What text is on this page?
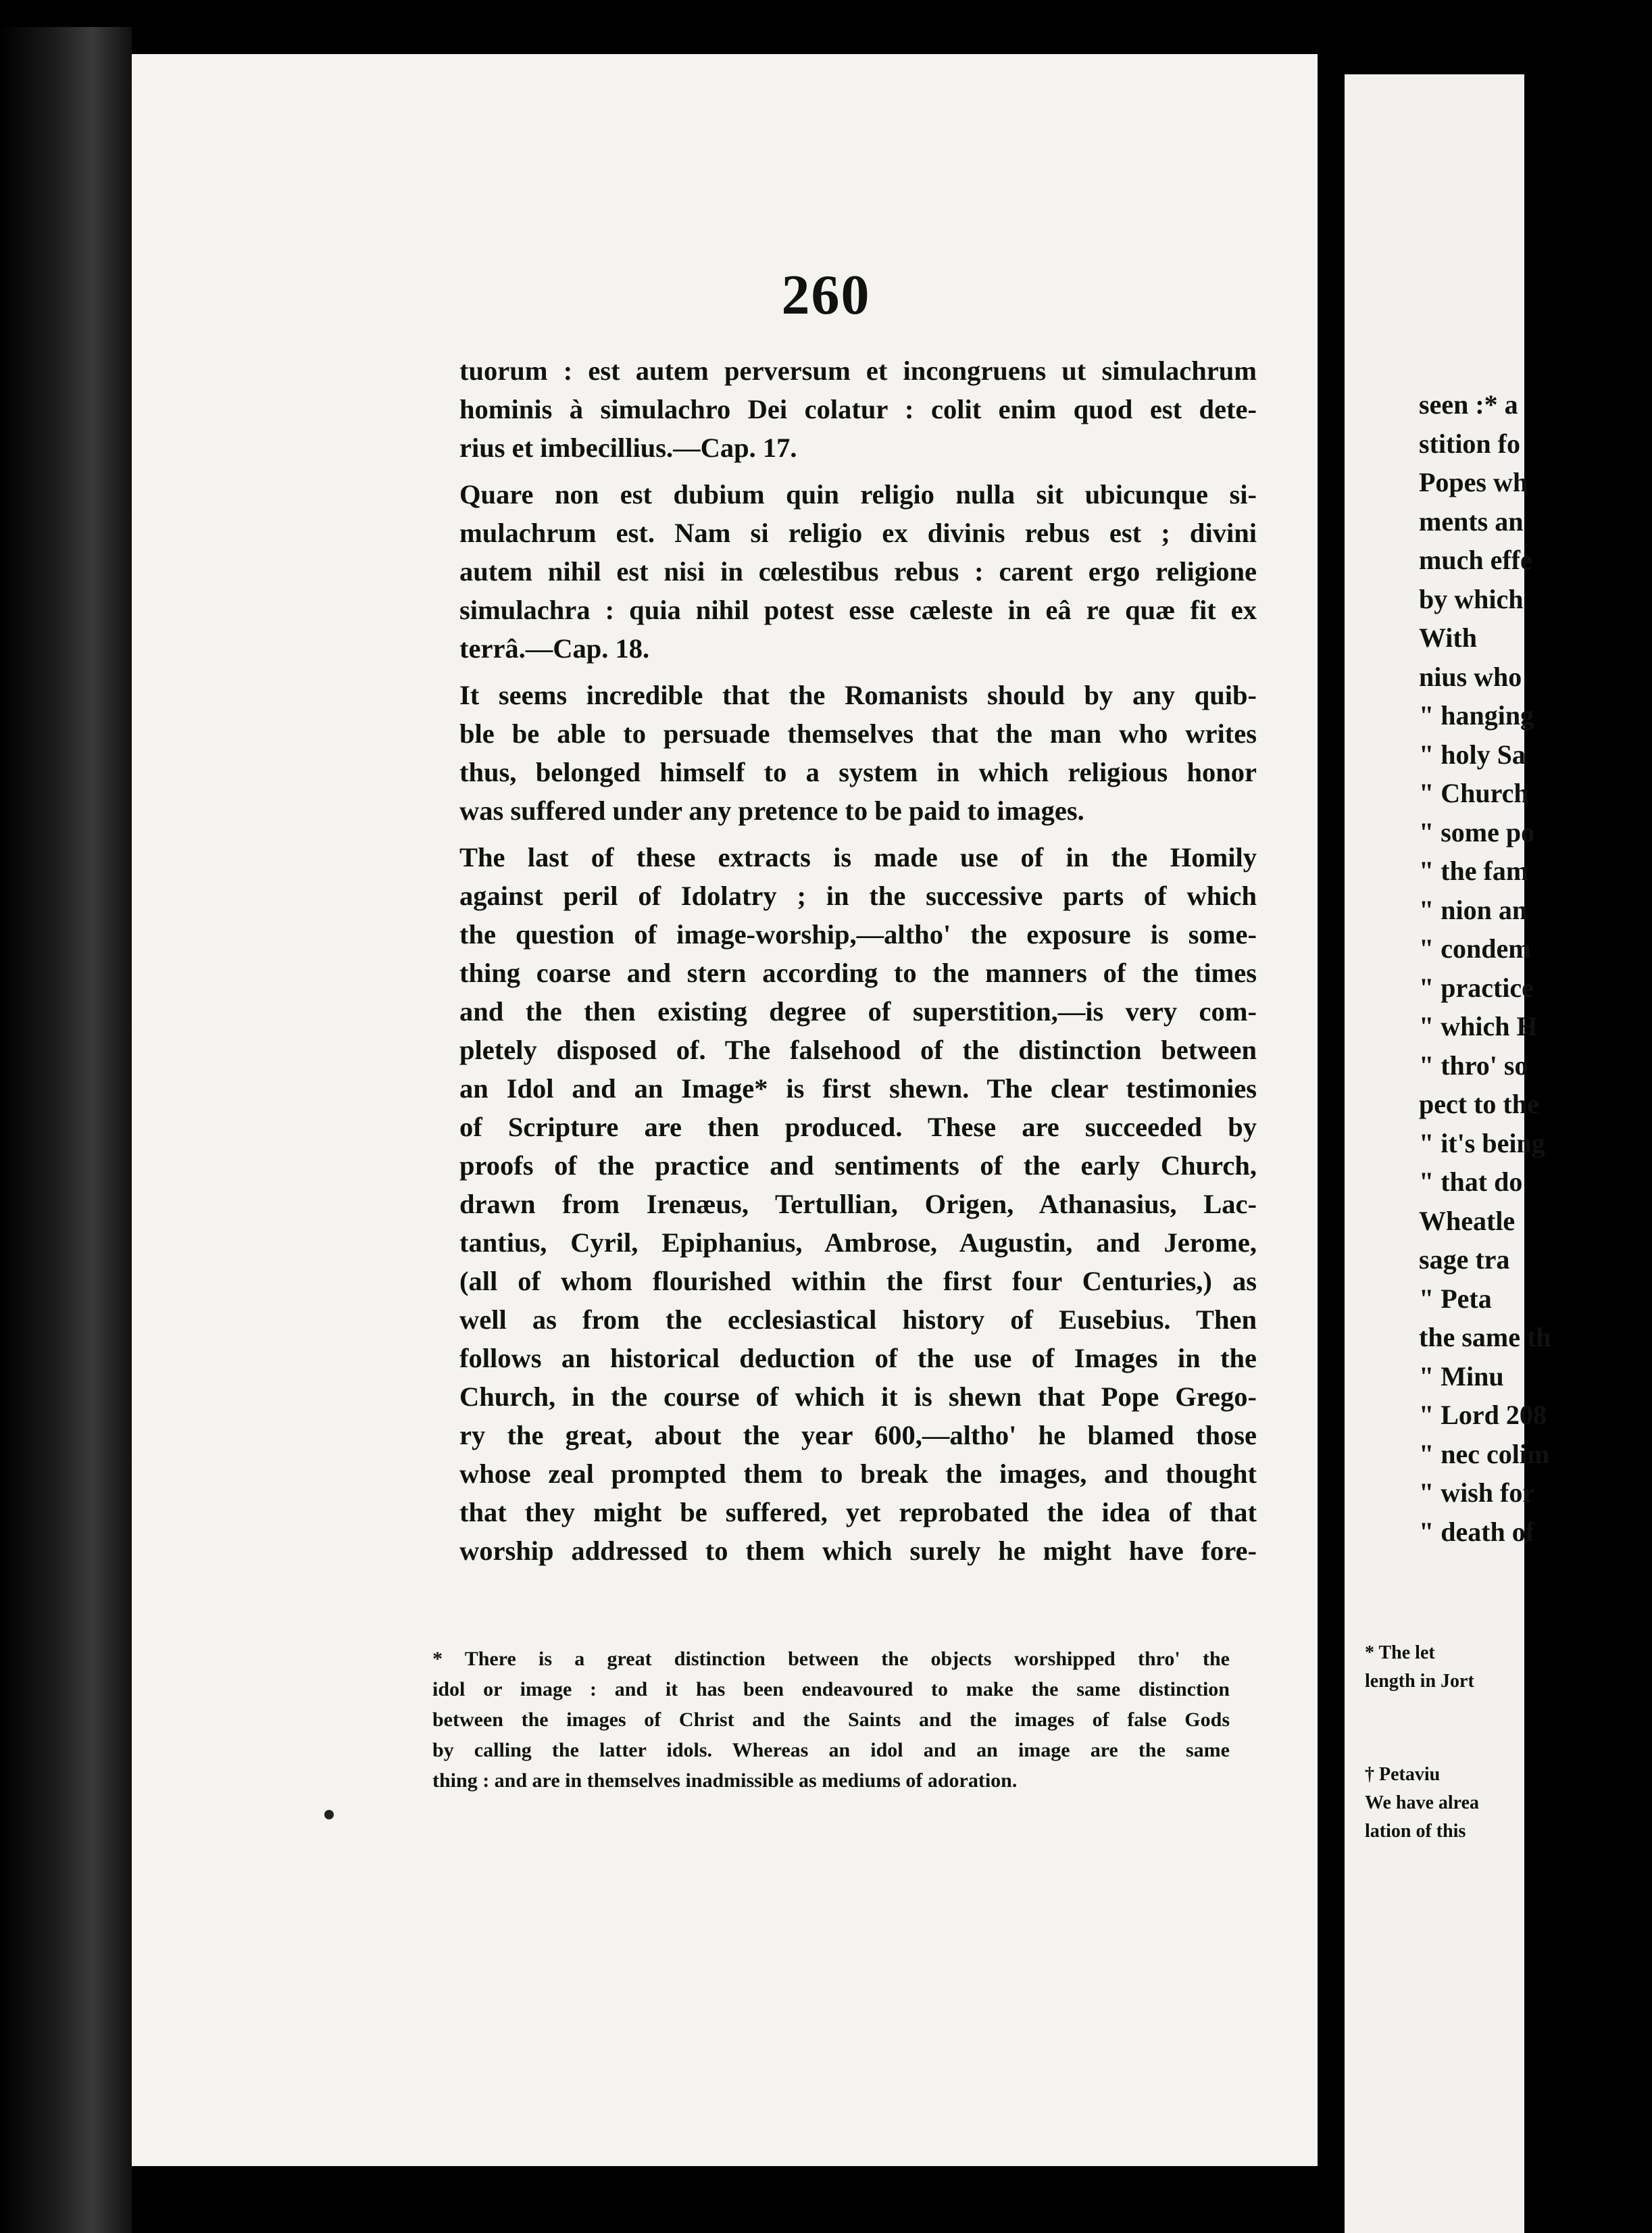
260

tuorum : est autem perversum et incongruens ut simulachrum
hominis à simulachro Dei colatur : colit enim quod est dete-
rius et imbecillius.—Cap. 17.

Quare non est dubium quin religio nulla sit ubicunque si-
mulachrum est. Nam si religio ex divinis rebus est ; divini
autem nihil est nisi in cœlestibus rebus : carent ergo religione
simulachra : quia nihil potest esse cæleste in eâ re quæ fit ex
terrâ.—Cap. 18.

It seems incredible that the Romanists should by any quib-
ble be able to persuade themselves that the man who writes
thus, belonged himself to a system in which religious honor
was suffered under any pretence to be paid to images.

The last of these extracts is made use of in the Homily
against peril of Idolatry ; in the successive parts of which
the question of image-worship,—altho' the exposure is some-
thing coarse and stern according to the manners of the times
and the then existing degree of superstition,—is very com-
pletely disposed of. The falsehood of the distinction between
an Idol and an Image* is first shewn. The clear testimonies
of Scripture are then produced. These are succeeded by
proofs of the practice and sentiments of the early Church,
drawn from Irenæus, Tertullian, Origen, Athanasius, Lac-
tantius, Cyril, Epiphanius, Ambrose, Augustin, and Jerome,
(all of whom flourished within the first four Centuries,) as
well as from the ecclesiastical history of Eusebius. Then
follows an historical deduction of the use of Images in the
Church, in the course of which it is shewn that Pope Grego-
ry the great, about the year 600,—altho' he blamed those
whose zeal prompted them to break the images, and thought
that they might be suffered, yet reprobated the idea of that
worship addressed to them which surely he might have fore-

* There is a great distinction between the objects worshipped thro' the
idol or image : and it has been endeavoured to make the same distinction
between the images of Christ and the Saints and the images of false Gods
by calling the latter idols. Whereas an idol and an image are the same
thing : and are in themselves inadmissible as mediums of adoration.
seen :* a
stition fo
Popes wh
ments an
much effe
by which
With
nius who
" hanging
" holy Sa
" Church
" some po
" the fam
" nion an
" condem
" practice
" which H
" thro' so
pect to the
" it's being
" that do
Wheatle
sage tra
" Peta
the same th
" Minu
" Lord 208
" nec colim
" wish for
" death of
* The let
length in Jort
† Petaviu
We have alrea
lation of this
